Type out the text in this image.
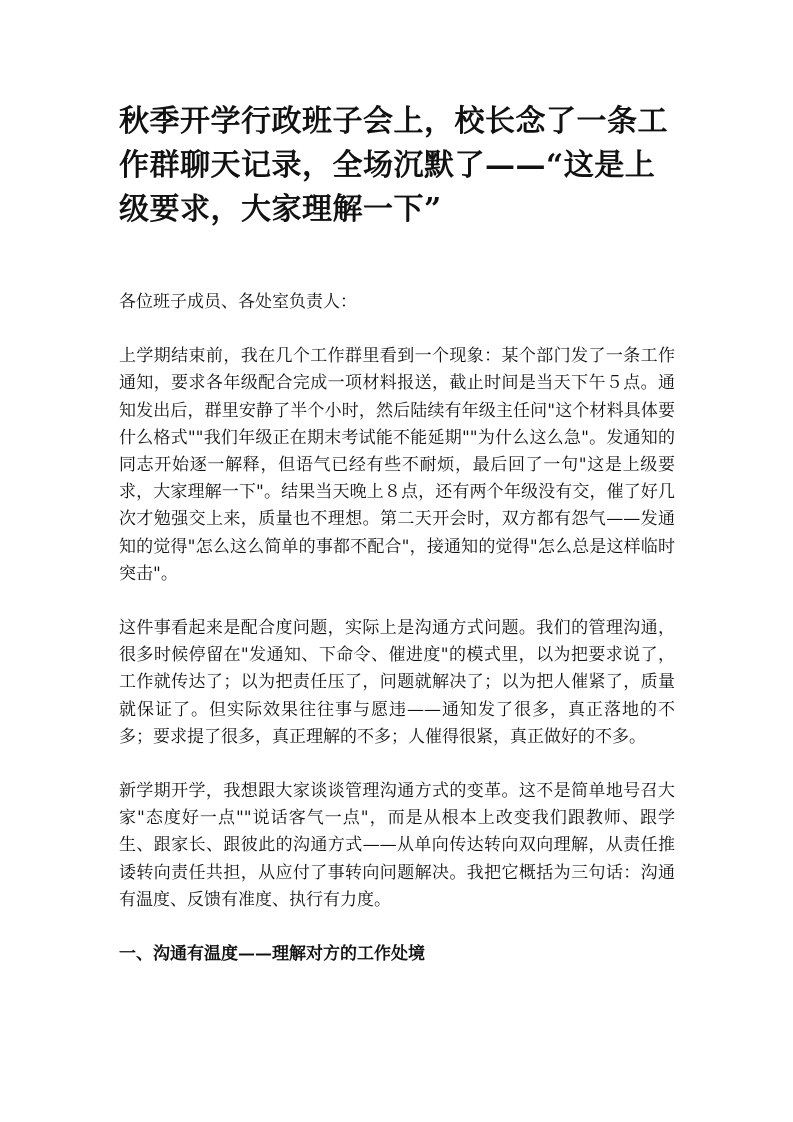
秋季开学行政班子会上，校长念了一条工作群聊天记录，全场沉默了——“这是上级要求，大家理解一下”

各位班子成员、各处室负责人：

上学期结束前，我在几个工作群里看到一个现象：某个部门发了一条工作通知，要求各年级配合完成一项材料报送，截止时间是当天下午５点。通知发出后，群里安静了半个小时，然后陆续有年级主任问"这个材料具体要什么格式""我们年级正在期末考试能不能延期""为什么这么急"。发通知的同志开始逐一解释，但语气已经有些不耐烦，最后回了一句"这是上级要求，大家理解一下"。结果当天晚上８点，还有两个年级没有交，催了好几次才勉强交上来，质量也不理想。第二天开会时，双方都有怨气——发通知的觉得"怎么这么简单的事都不配合"，接通知的觉得"怎么总是这样临时突击"。

这件事看起来是配合度问题，实际上是沟通方式问题。我们的管理沟通，很多时候停留在"发通知、下命令、催进度"的模式里，以为把要求说了，工作就传达了；以为把责任压了，问题就解决了；以为把人催紧了，质量就保证了。但实际效果往往事与愿违——通知发了很多，真正落地的不多；要求提了很多，真正理解的不多；人催得很紧，真正做好的不多。

新学期开学，我想跟大家谈谈管理沟通方式的变革。这不是简单地号召大家"态度好一点""说话客气一点"，而是从根本上改变我们跟教师、跟学生、跟家长、跟彼此的沟通方式——从单向传达转向双向理解，从责任推诿转向责任共担，从应付了事转向问题解决。我把它概括为三句话：沟通有温度、反馈有准度、执行有力度。

一、沟通有温度——理解对方的工作处境
